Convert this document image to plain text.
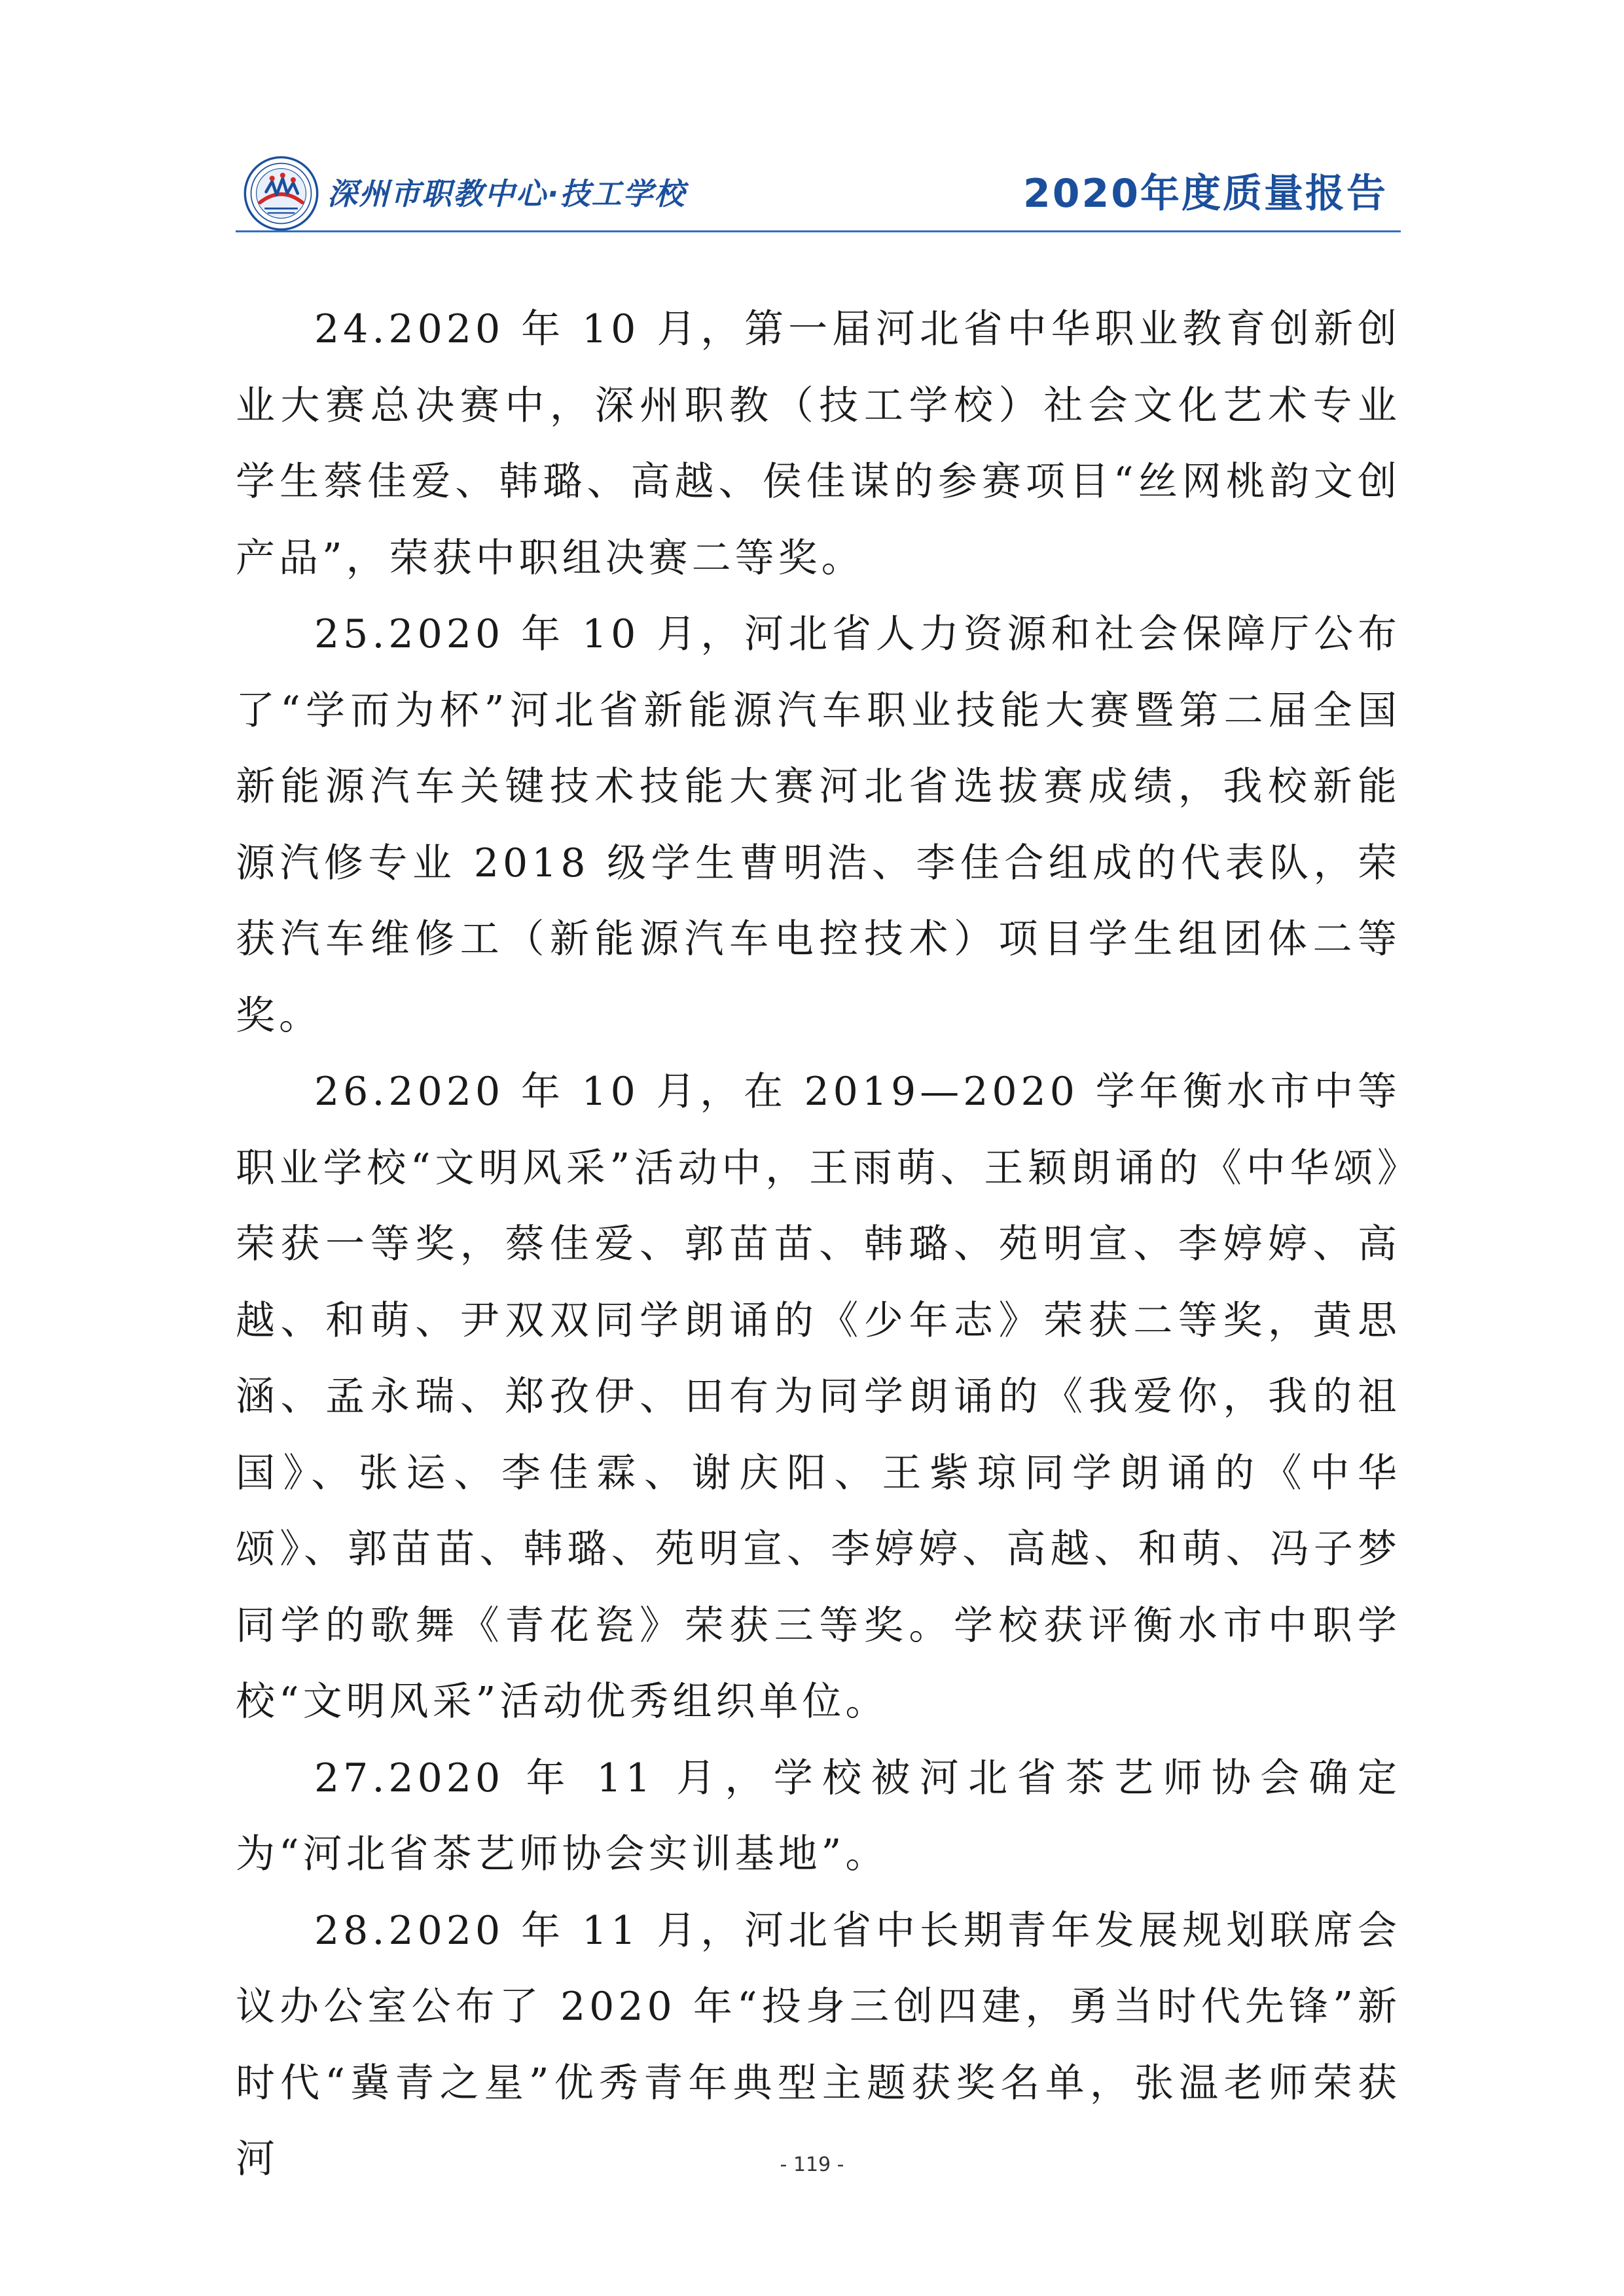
深州市职教中心·技工学校	2020年度质量报告

24.2020 年 10 月，第一届河北省中华职业教育创新创业大赛总决赛中，深州职教（技工学校）社会文化艺术专业学生蔡佳爱、韩璐、高越、侯佳谋的参赛项目“丝网桃韵文创产品”，荣获中职组决赛二等奖。

25.2020 年 10 月，河北省人力资源和社会保障厅公布了“学而为杯”河北省新能源汽车职业技能大赛暨第二届全国新能源汽车关键技术技能大赛河北省选拔赛成绩，我校新能源汽修专业 2018 级学生曹明浩、李佳合组成的代表队，荣获汽车维修工（新能源汽车电控技术）项目学生组团体二等奖。

26.2020 年 10 月，在 2019—2020 学年衡水市中等职业学校“文明风采”活动中，王雨萌、王颖朗诵的《中华颂》荣获一等奖，蔡佳爱、郭苗苗、韩璐、苑明宣、李婷婷、高越、和萌、尹双双同学朗诵的《少年志》荣获二等奖，黄思涵、孟永瑞、郑孜伊、田有为同学朗诵的《我爱你，我的祖国》、张运、李佳霖、谢庆阳、王紫琼同学朗诵的《中华颂》、郭苗苗、韩璐、苑明宣、李婷婷、高越、和萌、冯子梦同学的歌舞《青花瓷》荣获三等奖。学校获评衡水市中职学校“文明风采”活动优秀组织单位。

27.2020 年 11 月，学校被河北省茶艺师协会确定为“河北省茶艺师协会实训基地”。

28.2020 年 11 月，河北省中长期青年发展规划联席会议办公室公布了 2020 年“投身三创四建，勇当时代先锋”新时代“冀青之星”优秀青年典型主题获奖名单，张温老师荣获河	- 119 -
